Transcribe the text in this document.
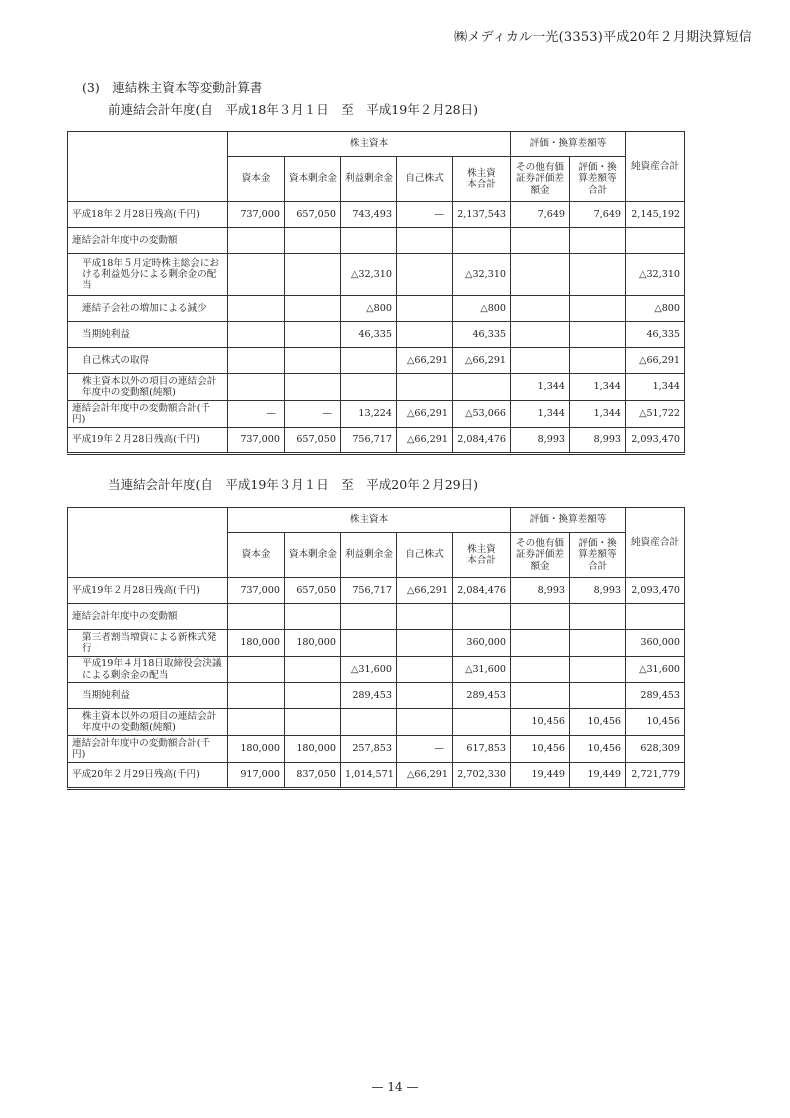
㈱メディカル一光(3353)平成20年２月期決算短信
(3)　連結株主資本等変動計算書
前連結会計年度(自　平成18年３月１日　至　平成19年２月28日)
	株主資本					評価・換算差額等		純資産合計
	資本金	資本剰余金	利益剰余金	自己株式	株主資本合計	その他有価証券評価差額金	評価・換算差額等合計	
平成18年２月28日残高(千円)	737,000	657,050	743,493	—	2,137,543	7,649	7,649	2,145,192
連結会計年度中の変動額								
平成18年５月定時株主総会における利益処分による剰余金の配当			△32,310		△32,310			△32,310
連結子会社の増加による減少			△800		△800			△800
当期純利益			46,335		46,335			46,335
自己株式の取得				△66,291	△66,291			△66,291
株主資本以外の項目の連結会計年度中の変動額(純額)						1,344	1,344	1,344
連結会計年度中の変動額合計(千円)	—	—	13,224	△66,291	△53,066	1,344	1,344	△51,722
平成19年２月28日残高(千円)	737,000	657,050	756,717	△66,291	2,084,476	8,993	8,993	2,093,470
当連結会計年度(自　平成19年３月１日　至　平成20年２月29日)
	株主資本					評価・換算差額等		純資産合計
	資本金	資本剰余金	利益剰余金	自己株式	株主資本合計	その他有価証券評価差額金	評価・換算差額等合計	
平成19年２月28日残高(千円)	737,000	657,050	756,717	△66,291	2,084,476	8,993	8,993	2,093,470
連結会計年度中の変動額								
第三者割当増資による新株式発行	180,000	180,000			360,000			360,000
平成19年４月18日取締役会決議による剰余金の配当			△31,600		△31,600			△31,600
当期純利益			289,453		289,453			289,453
株主資本以外の項目の連結会計年度中の変動額(純額)						10,456	10,456	10,456
連結会計年度中の変動額合計(千円)	180,000	180,000	257,853	—	617,853	10,456	10,456	628,309
平成20年２月29日残高(千円)	917,000	837,050	1,014,571	△66,291	2,702,330	19,449	19,449	2,721,779
— 14 —
